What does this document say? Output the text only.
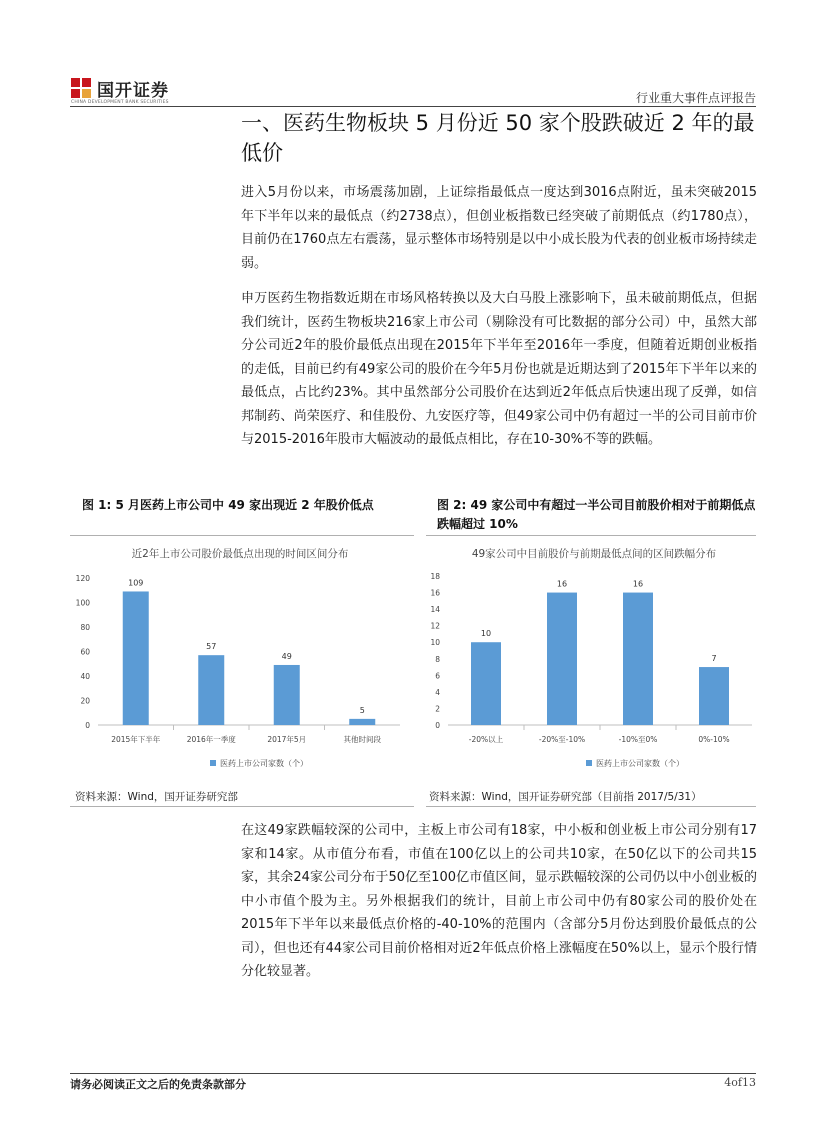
国开证券
CHINA DEVELOPMENT BANK SECURITIES	行业重大事件点评报告
一、医药生物板块 5 月份近 50 家个股跌破近 2 年的最低价
进入5月份以来，市场震荡加剧，上证综指最低点一度达到3016点附近，虽未突破2015年下半年以来的最低点（约2738点），但创业板指数已经突破了前期低点（约1780点），目前仍在1760点左右震荡，显示整体市场特别是以中小成长股为代表的创业板市场持续走弱。
申万医药生物指数近期在市场风格转换以及大白马股上涨影响下，虽未破前期低点，但据我们统计，医药生物板块216家上市公司（剔除没有可比数据的部分公司）中，虽然大部分公司近2年的股价最低点出现在2015年下半年至2016年一季度，但随着近期创业板指的走低，目前已约有49家公司的股价在今年5月份也就是近期达到了2015年下半年以来的最低点，占比约23%。其中虽然部分公司股价在达到近2年低点后快速出现了反弹，如信邦制药、尚荣医疗、和佳股份、九安医疗等，但49家公司中仍有超过一半的公司目前市价与2015-2016年股市大幅波动的最低点相比，存在10-30%不等的跌幅。
图 1: 5 月医药上市公司中 49 家出现近 2 年股价低点	图 2: 49 家公司中有超过一半公司目前股价相对于前期低点跌幅超过 10%
近2年上市公司股价最低点出现的时间区间分布
120
100
80
60
40
20
0
109
2015年下半年
57
2016年一季度
49
2017年5月
5
其他时间段
医药上市公司家数（个）
49家公司中目前股价与前期最低点间的区间跌幅分布
18
16
14
12
10
8
6
4
2
0
10
-20%以上
16
-20%至-10%
16
-10%至0%
7
0%-10%
医药上市公司家数（个）
资料来源：Wind，国开证券研究部	资料来源：Wind，国开证券研究部（目前指 2017/5/31）
在这49家跌幅较深的公司中，主板上市公司有18家，中小板和创业板上市公司分别有17家和14家。从市值分布看，市值在100亿以上的公司共10家，在50亿以下的公司共15家，其余24家公司分布于50亿至100亿市值区间，显示跌幅较深的公司仍以中小创业板的中小市值个股为主。另外根据我们的统计，目前上市公司中仍有80家公司的股价处在2015年下半年以来最低点价格的-40-10%的范围内（含部分5月份达到股价最低点的公司），但也还有44家公司目前价格相对近2年低点价格上涨幅度在50%以上，显示个股行情分化较显著。
请务必阅读正文之后的免责条款部分	4of13
